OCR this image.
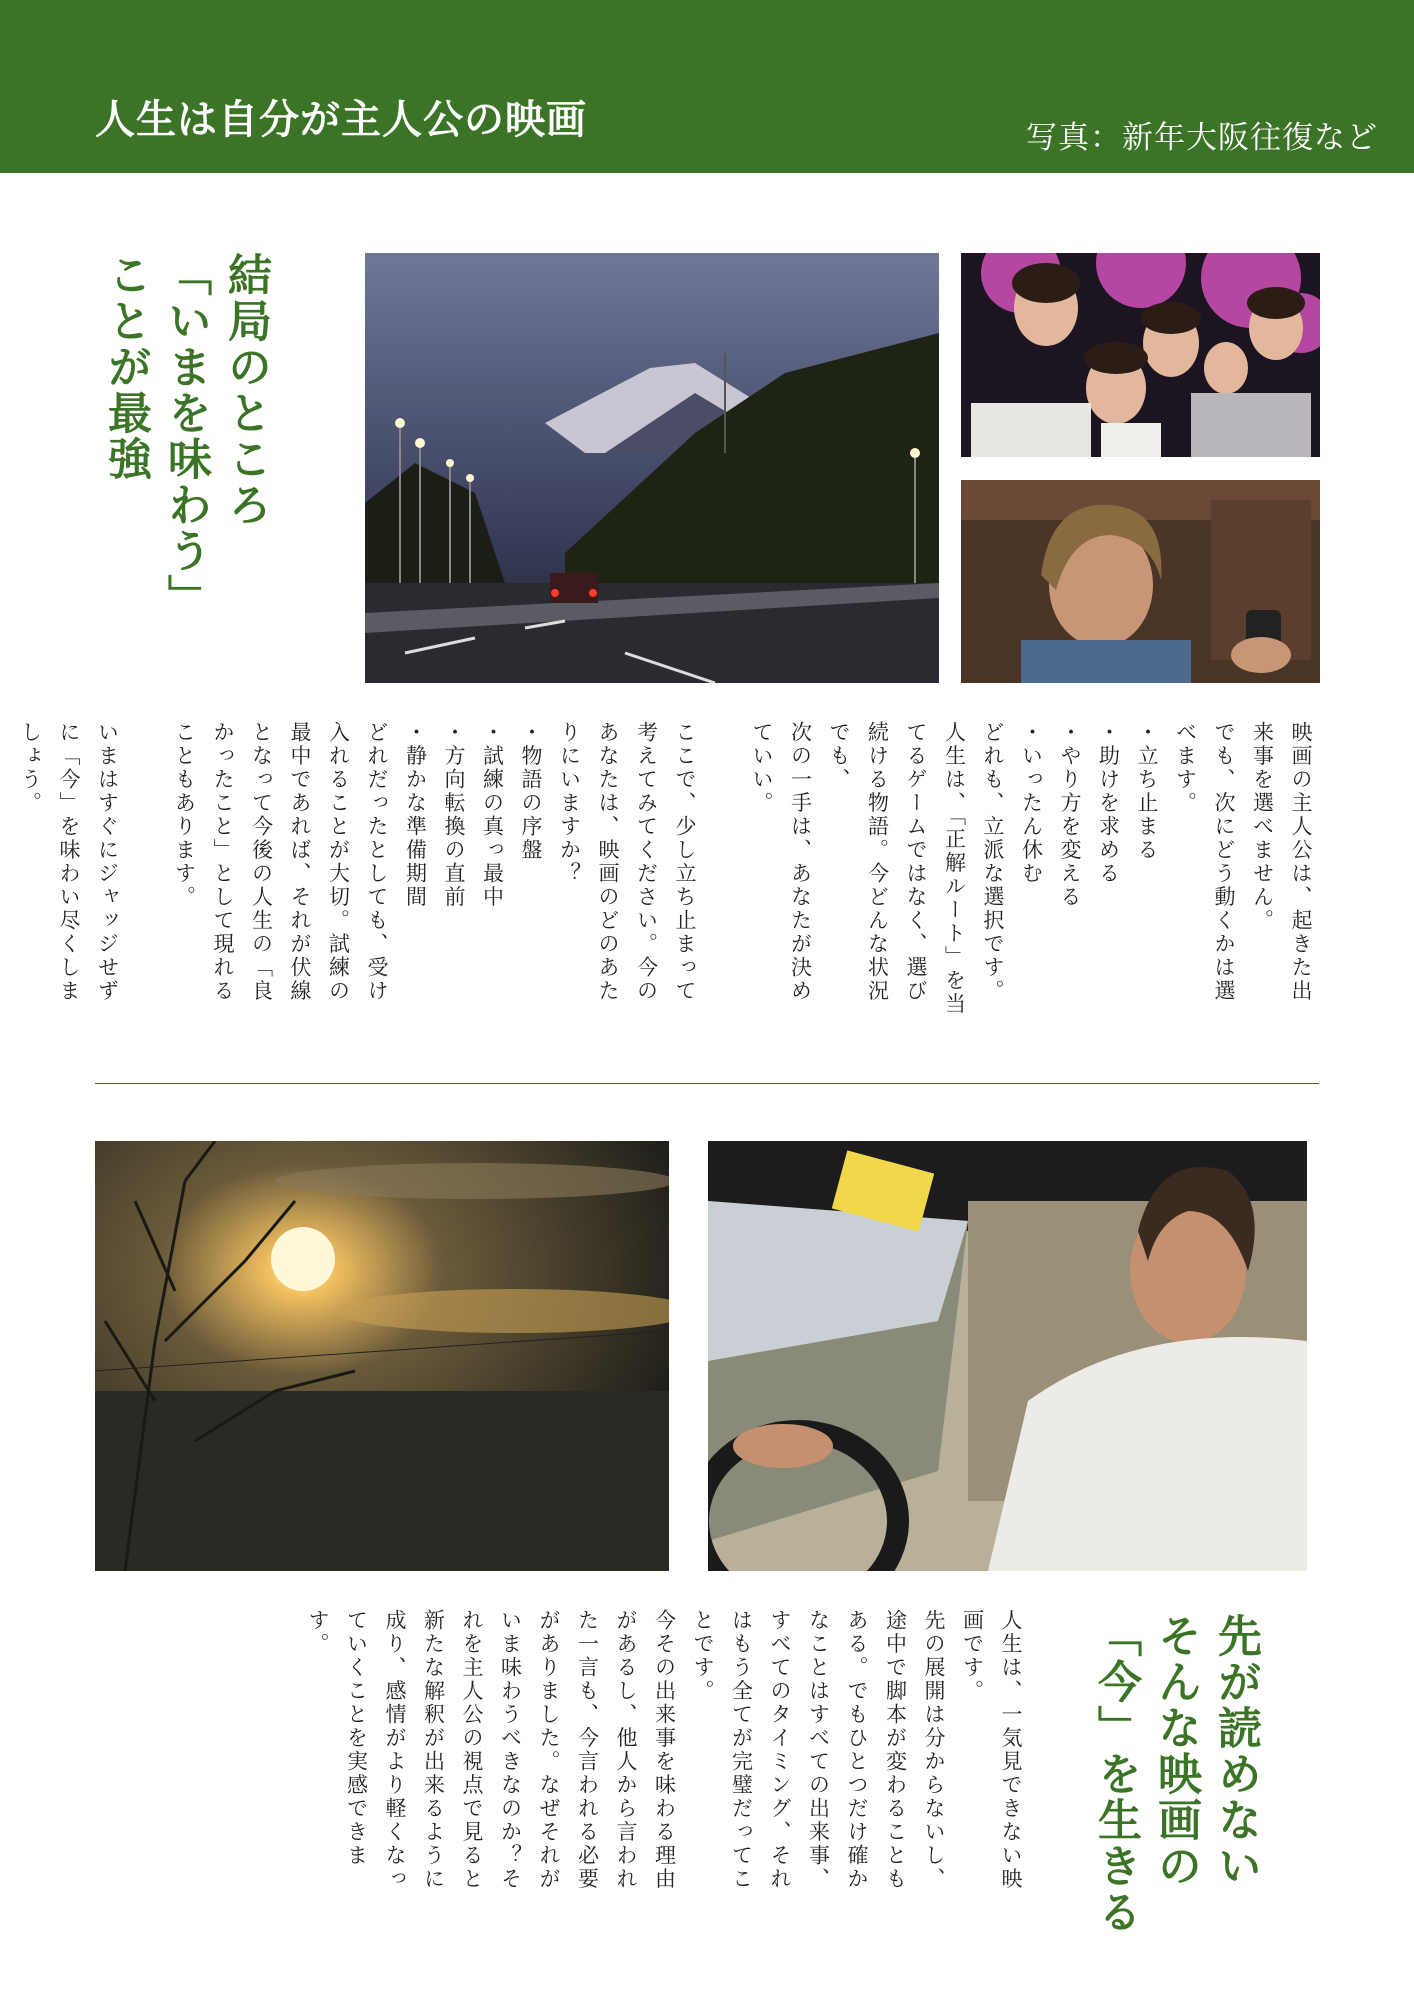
人生は自分が主人公の映画	写真：新年大阪往復など
結局のところ
「いまを味わう」
ことが最強
映画の主人公は、起きた出
来事を選べません。
でも、次にどう動くかは選
べます。
・立ち止まる
・助けを求める
・やり方を変える
・いったん休む
どれも、立派な選択です。
人生は、「正解ルート」を当
てるゲームではなく、選び
続ける物語。今どんな状況
でも、
次の一手は、あなたが決め
ていい。

ここで、少し立ち止まって
考えてみてください。今の
あなたは、映画のどのあた
りにいますか？
・物語の序盤
・試練の真っ最中
・方向転換の直前
・静かな準備期間
どれだったとしても、受け
入れることが大切。試練の
最中であれば、それが伏線
となって今後の人生の「良
かったこと」として現れる
こともあります。

いまはすぐにジャッジせず
に「今」を味わい尽くしま
しょう。
先が読めない
そんな映画の
「今」を生きる
人生は、一気見できない映
画です。
先の展開は分からないし、
途中で脚本が変わることも
ある。でもひとつだけ確か
なことはすべての出来事、
すべてのタイミング、それ
はもう全てが完璧だってこ
とです。
今その出来事を味わる理由
があるし、他人から言われ
た一言も、今言われる必要
がありました。なぜそれが
いま味わうべきなのか？そ
れを主人公の視点で見ると
新たな解釈が出来るように
成り、感情がより軽くなっ
ていくことを実感できま
す。
